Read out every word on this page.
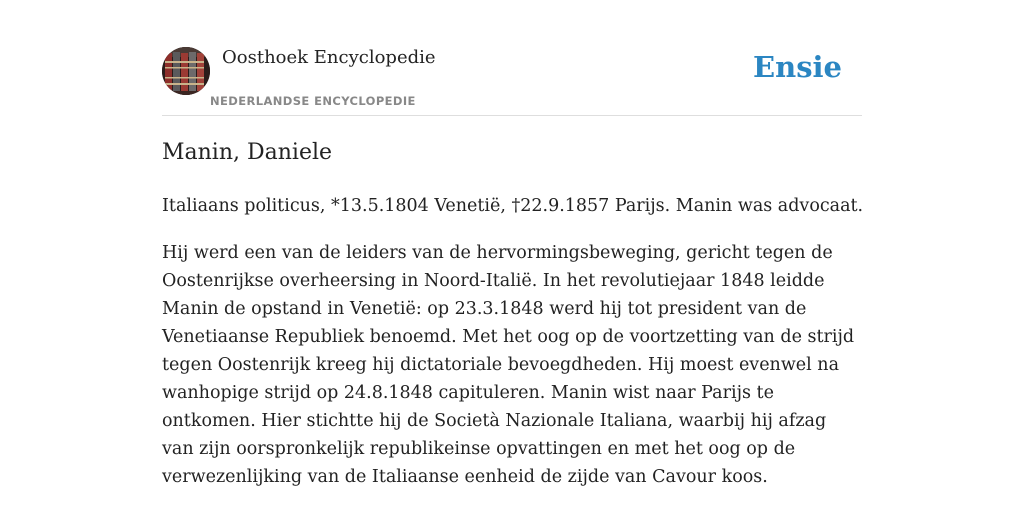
Oosthoek Encyclopedie
NEDERLANDSE ENCYCLOPEDIE
Ensie
Manin, Daniele

Italiaans politicus, *13.5.1804 Venetië, †22.9.1857 Parijs. Manin was advocaat.

Hij werd een van de leiders van de hervormingsbeweging, gericht tegen de Oostenrijkse overheersing in Noord-Italië. In het revolutiejaar 1848 leidde Manin de opstand in Venetië: op 23.3.1848 werd hij tot president van de Venetiaanse Republiek benoemd. Met het oog op de voortzetting van de strijd tegen Oostenrijk kreeg hij dictatoriale bevoegdheden. Hij moest evenwel na wanhopige strijd op 24.8.1848 capituleren. Manin wist naar Parijs te ontkomen. Hier stichtte hij de Società Nazionale Italiana, waarbij hij afzag van zijn oorspronkelijk republikeinse opvattingen en met het oog op de verwezenlijking van de Italiaanse eenheid de zijde van Cavour koos.
